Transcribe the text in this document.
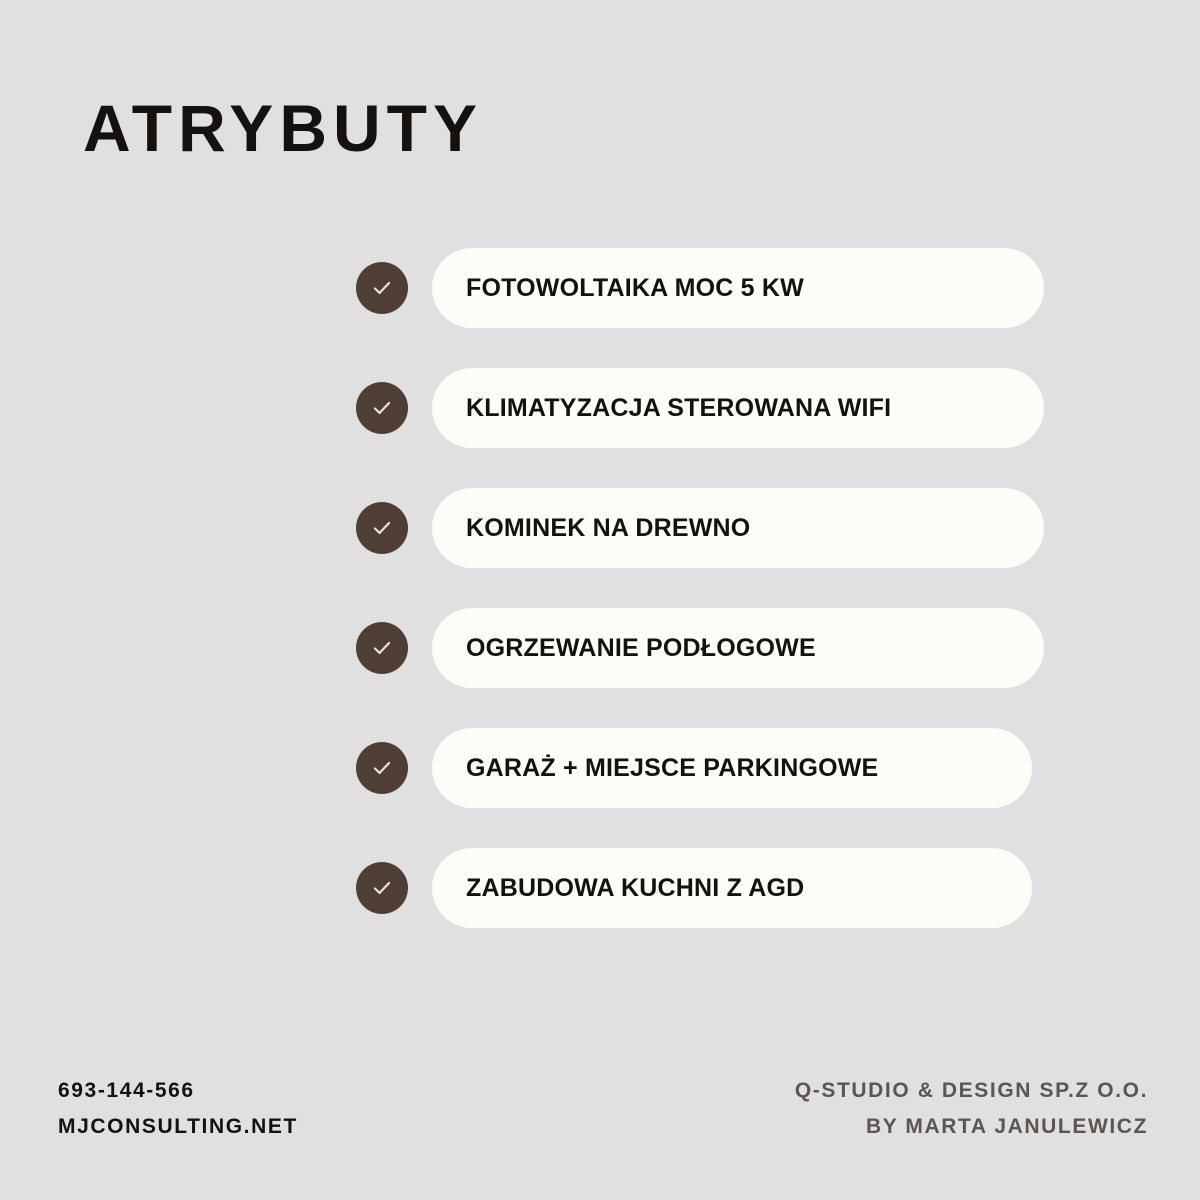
ATRYBUTY
FOTOWOLTAIKA MOC 5 KW
KLIMATYZACJA STEROWANA WIFI
KOMINEK NA DREWNO
OGRZEWANIE PODŁOGOWE
GARAŻ + MIEJSCE PARKINGOWE
ZABUDOWA KUCHNI Z AGD
693-144-566
MJCONSULTING.NET
Q-STUDIO & DESIGN SP.Z O.O.
BY MARTA JANULEWICZ
